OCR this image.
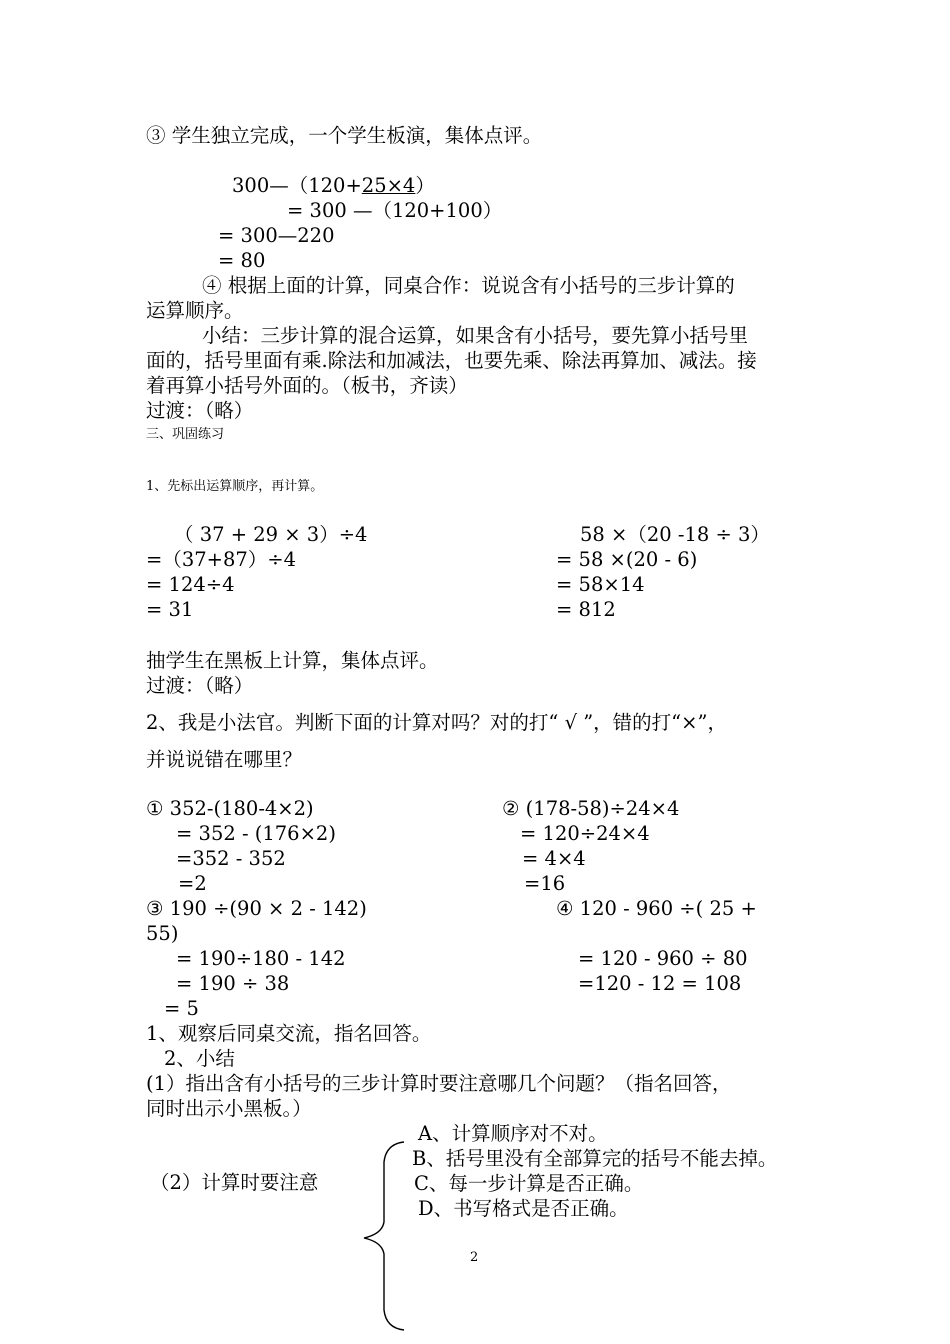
③ 学生独立完成，一个学生板演，集体点评。
300—（120+25×4）
= 300 —（120+100）
= 300—220
= 80
④ 根据上面的计算，同桌合作：说说含有小括号的三步计算的
运算顺序。
小结：三步计算的混合运算，如果含有小括号，要先算小括号里
面的，括号里面有乘.除法和加减法，也要先乘、除法再算加、减法。接
着再算小括号外面的。（板书，齐读）
过渡：（略）
三、巩固练习
1、先标出运算顺序，再计算。
（ 37 + 29 × 3）÷4
=（37+87）÷4
= 124÷4
= 31
58 ×（20 -18 ÷ 3）
= 58 ×(20 - 6)
= 58×14
= 812
抽学生在黑板上计算，集体点评。
过渡：（略）
2、我是小法官。判断下面的计算对吗？对的打“ √ ”，错的打“×”，
并说说错在哪里？
① 352-(180-4×2)
= 352 - (176×2)
=352 - 352
=2
② (178-58)÷24×4
= 120÷24×4
= 4×4
=16
③ 190 ÷(90 × 2 - 142)
55)
= 190÷180 - 142
= 190 ÷ 38
= 5
④ 120 - 960 ÷( 25 +
= 120 - 960 ÷ 80
=120 - 12 = 108
1、观察后同桌交流，指名回答。
2、小结
(1）指出含有小括号的三步计算时要注意哪几个问题？（指名回答，
同时出示小黑板。）
（2）计算时要注意
A、计算顺序对不对。
B、括号里没有全部算完的括号不能去掉。
C、每一步计算是否正确。
D、书写格式是否正确。
2
